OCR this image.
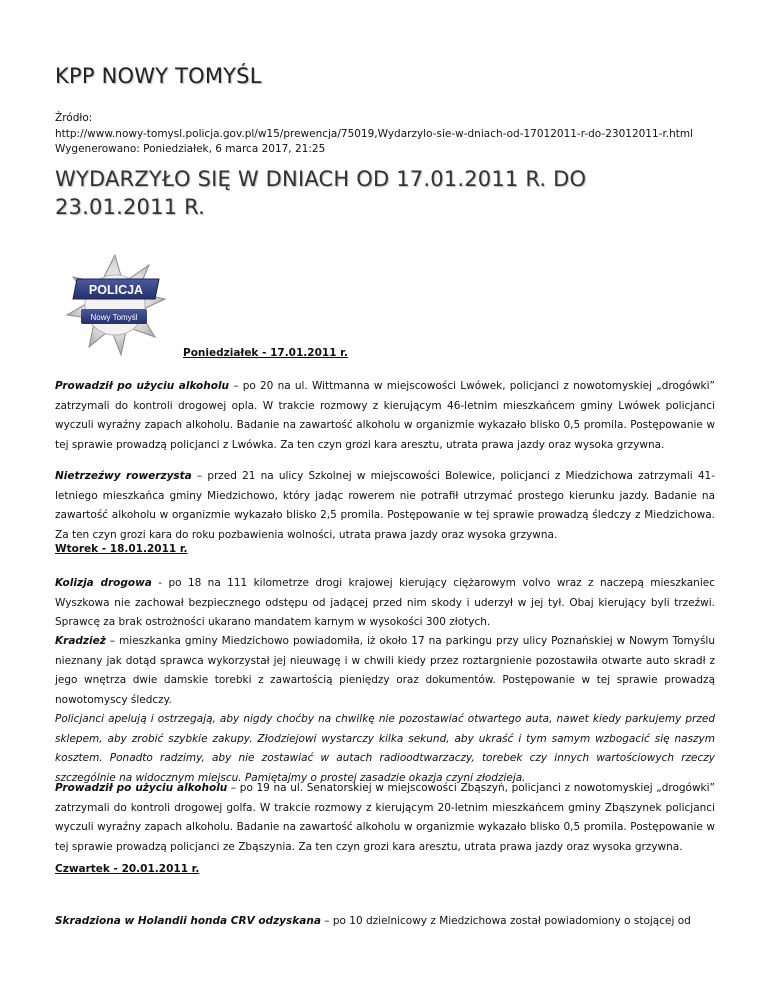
KPP NOWY TOMYŚL
Źródło:
http://www.nowy-tomysl.policja.gov.pl/w15/prewencja/75019,Wydarzylo-sie-w-dniach-od-17012011-r-do-23012011-r.html
Wygenerowano: Poniedziałek, 6 marca 2017, 21:25
WYDARZYŁO SIĘ W DNIACH OD 17.01.2011 R. DO 23.01.2011 R.
POLICJA
Nowy Tomyśl
Poniedziałek - 17.01.2011 r.
Prowadził po użyciu alkoholu – po 20 na ul. Wittmanna w miejscowości Lwówek, policjanci z nowotomyskiej „drogówki” zatrzymali do kontroli drogowej opla. W trakcie rozmowy z kierującym 46-letnim mieszkańcem gminy Lwówek policjanci wyczuli wyraźny zapach alkoholu. Badanie na zawartość alkoholu w organizmie wykazało blisko 0,5 promila. Postępowanie w tej sprawie prowadzą policjanci z Lwówka. Za ten czyn grozi kara aresztu, utrata prawa jazdy oraz wysoka grzywna.
Nietrzeźwy rowerzysta – przed 21 na ulicy Szkolnej w miejscowości Bolewice, policjanci z Miedzichowa zatrzymali 41-letniego mieszkańca gminy Miedzichowo, który jadąc rowerem nie potrafił utrzymać prostego kierunku jazdy. Badanie na zawartość alkoholu w organizmie wykazało blisko 2,5 promila. Postępowanie w tej sprawie prowadzą śledczy z Miedzichowa. Za ten czyn grozi kara do roku pozbawienia wolności, utrata prawa jazdy oraz wysoka grzywna.
Wtorek - 18.01.2011 r.
Kolizja drogowa - po 18 na 111 kilometrze drogi krajowej kierujący ciężarowym volvo wraz z naczepą mieszkaniec Wyszkowa nie zachował bezpiecznego odstępu od jadącej przed nim skody i uderzył w jej tył. Obaj kierujący byli trzeźwi. Sprawcę za brak ostrożności ukarano mandatem karnym w wysokości 300 złotych.
Kradzież – mieszkanka gminy Miedzichowo powiadomiła, iż około 17 na parkingu przy ulicy Poznańskiej w Nowym Tomyślu nieznany jak dotąd sprawca wykorzystał jej nieuwagę i w chwili kiedy przez roztargnienie pozostawiła otwarte auto skradł z jego wnętrza dwie damskie torebki z zawartością pieniędzy oraz dokumentów. Postępowanie w tej sprawie prowadzą nowotomyscy śledczy.
Policjanci apelują i ostrzegają, aby nigdy choćby na chwilkę nie pozostawiać otwartego auta, nawet kiedy parkujemy przed sklepem, aby zrobić szybkie zakupy. Złodziejowi wystarczy kilka sekund, aby ukraść i tym samym wzbogacić się naszym kosztem. Ponadto radzimy, aby nie zostawiać w autach radioodtwarzaczy, torebek czy innych wartościowych rzeczy szczególnie na widocznym miejscu. Pamiętajmy o prostej zasadzie okazja czyni złodzieja.
Prowadził po użyciu alkoholu – po 19 na ul. Senatorskiej w miejscowości Zbąszyń, policjanci z nowotomyskiej „drogówki” zatrzymali do kontroli drogowej golfa. W trakcie rozmowy z kierującym 20-letnim mieszkańcem gminy Zbąszynek policjanci wyczuli wyraźny zapach alkoholu. Badanie na zawartość alkoholu w organizmie wykazało blisko 0,5 promila. Postępowanie w tej sprawie prowadzą policjanci ze Zbąszynia. Za ten czyn grozi kara aresztu, utrata prawa jazdy oraz wysoka grzywna.
Czwartek - 20.01.2011 r.
Skradziona w Holandii honda CRV odzyskana – po 10 dzielnicowy z Miedzichowa został powiadomiony o stojącej od
